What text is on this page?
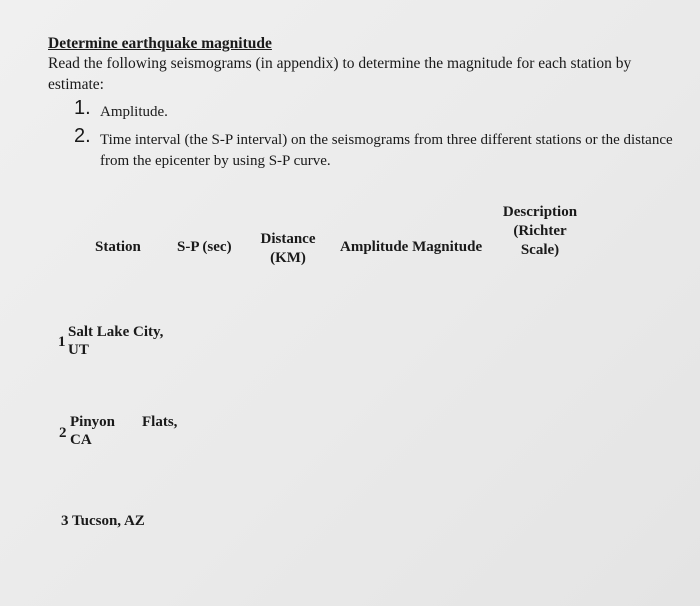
Determine earthquake magnitude
Read the following seismograms (in appendix) to determine the magnitude for each station by estimate:
1. Amplitude.
2. Time interval (the S-P interval) on the seismograms from three different stations or the distance from the epicenter by using S-P curve.
Station S-P (sec)	Distance (KM)
Amplitude Magnitude
Description (Richter Scale)
1
Salt Lake City,
UT
2
Pinyon Flats,
CA
3 Tucson, AZ
